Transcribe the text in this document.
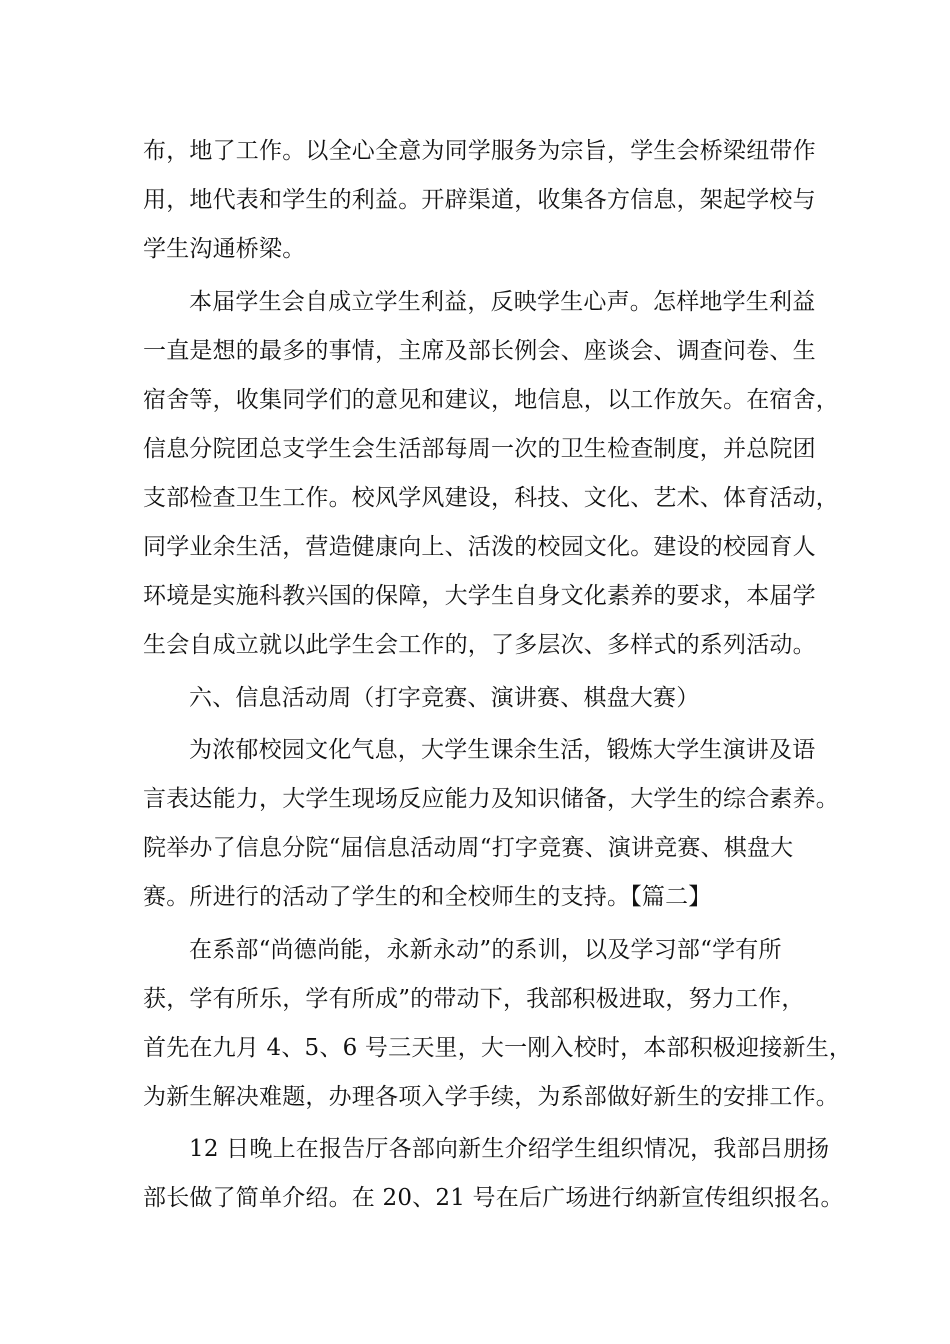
布，地了工作。以全心全意为同学服务为宗旨，学生会桥梁纽带作
用，地代表和学生的利益。开辟渠道，收集各方信息，架起学校与
学生沟通桥梁。
本届学生会自成立学生利益，反映学生心声。怎样地学生利益
一直是想的最多的事情，主席及部长例会、座谈会、调查问卷、生
宿舍等，收集同学们的意见和建议，地信息，以工作放矢。在宿舍，
信息分院团总支学生会生活部每周一次的卫生检查制度，并总院团
支部检查卫生工作。校风学风建设，科技、文化、艺术、体育活动，
同学业余生活，营造健康向上、活泼的校园文化。建设的校园育人
环境是实施科教兴国的保障，大学生自身文化素养的要求，本届学
生会自成立就以此学生会工作的，了多层次、多样式的系列活动。
六、信息活动周（打字竞赛、演讲赛、棋盘大赛）
为浓郁校园文化气息，大学生课余生活，锻炼大学生演讲及语
言表达能力，大学生现场反应能力及知识储备，大学生的综合素养。
院举办了信息分院“届信息活动周“打字竞赛、演讲竞赛、棋盘大
赛。所进行的活动了学生的和全校师生的支持。【篇二】
在系部“尚德尚能，永新永动”的系训，以及学习部“学有所
获，学有所乐，学有所成”的带动下，我部积极进取，努力工作，
首先在九月 4、5、6 号三天里，大一刚入校时，本部积极迎接新生，
为新生解决难题，办理各项入学手续，为系部做好新生的安排工作。
12 日晚上在报告厅各部向新生介绍学生组织情况，我部吕朋扬
部长做了简单介绍。在 20、21 号在后广场进行纳新宣传组织报名。
